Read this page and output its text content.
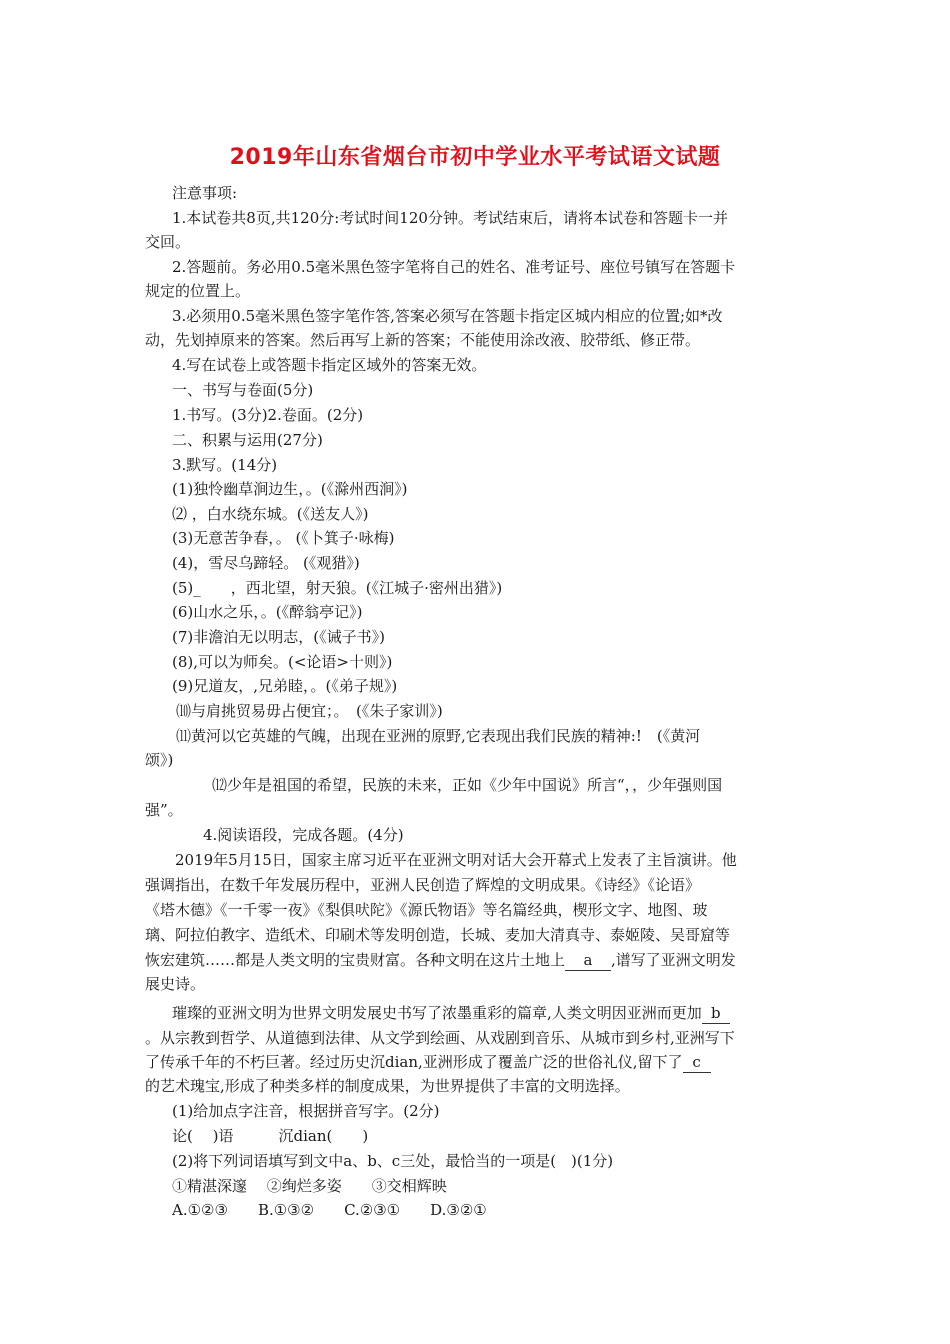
2019年山东省烟台市初中学业水平考试语文试题
注意事项:
1.本试卷共8页,共120分:考试时间120分钟。考试结束后，请将本试卷和答题卡一并
交回。
2.答题前。务必用0.5毫米黑色签字笔将自己的姓名、准考证号、座位号镇写在答题卡
规定的位置上。
3.必须用0.5毫米黑色签字笔作答,答案必须写在答题卡指定区城内相应的位置;如*改
动，先划掉原来的答案。然后再写上新的答案；不能使用涂改液、胶带纸、修正带。
4.写在试卷上或答题卡指定区域外的答案无效。
一、书写与卷面(5分)
1.书写。(3分)2.卷面。(2分)
二、积累与运用(27分)
3.默写。(14分)
(1)独怜幽草涧边生，。(《滁州西涧》)
⑵ ，白水绕东城。(《送友人》)
(3)无意苦争春，。 (《卜箕子·咏梅)
(4)，雪尽乌蹄轻。 (《观猎》)
(5)_　　，西北望，射天狼。(《江城子·密州出猎》)
(6)山水之乐，。(《醉翁亭记》)
(7)非澹泊无以明志，(《诫子书》)
(8),可以为师矣。(<论语>十则》)
(9)兄道友，,兄弟睦，。(《弟子规》)
⑽与肩挑贸易毋占便宜；。　(《朱子家训》)
⑾黄河以它英雄的气魄，出现在亚洲的原野,它表现出我们民族的精神:!　(《黄河
颂》)
⑿少年是祖国的希望，民族的未来，正如《少年中国说》所言“，，少年强则国
强”。
4.阅读语段，完成各题。(4分)
2019年5月15日，国家主席习近平在亚洲文明对话大会开幕式上发表了主旨演讲。他
强调指出，在数千年发展历程中，亚洲人民创造了辉煌的文明成果。《诗经》《论语》
《塔木德》《一千零一夜》《梨俱吠陀》《源氏物语》等名篇经典，楔形文字、地图、玻
璃、阿拉伯教字、造纸术、印刷术等发明创造，长城、麦加大清真寺、泰姬陵、吴哥窟等
恢宏建筑……都是人类文明的宝贵财富。各种文明在这片土地上 a ,谱写了亚洲文明发
展史诗。
璀璨的亚洲文明为世界文明发展史书写了浓墨重彩的篇章,人类文明因亚洲而更加 b
。从宗教到哲学、从道德到法律、从文学到绘画、从戏剧到音乐、从城市到乡村,亚洲写下
了传承千年的不朽巨著。经过历史沉dian,亚洲形成了覆盖广泛的世俗礼仪,留下了 c
的艺术瑰宝,形成了种类多样的制度成果，为世界提供了丰富的文明选择。
(1)给加点字注音，根据拼音写字。(2分)
论(　 )语　　　沉dian(　　)
(2)将下列词语填写到文中a、b、c三处，最恰当的一项是(　)(1分)
①精湛深邃　 ②绚烂多姿　　③交相辉映
A.①②③　　B.①③②　　C.②③①　　D.③②①
